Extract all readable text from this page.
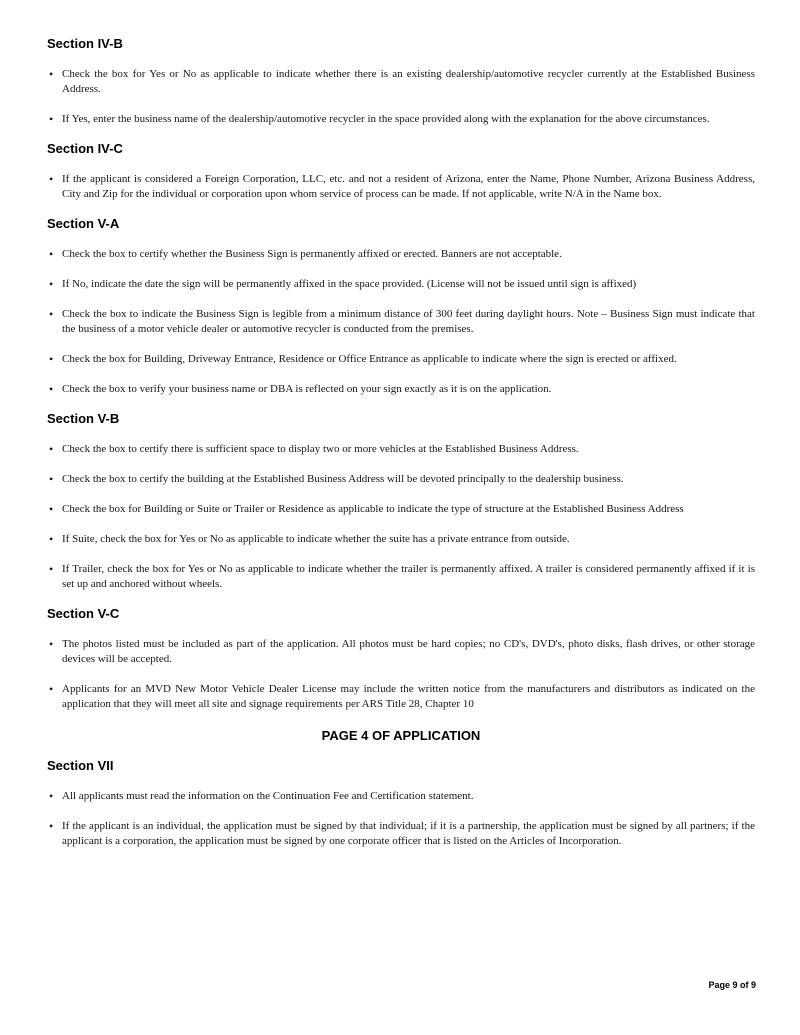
Section IV-B
• Check the box for Yes or No as applicable to indicate whether there is an existing dealership/automotive recycler currently at the Established Business Address.
• If Yes, enter the business name of the dealership/automotive recycler in the space provided along with the explanation for the above circumstances.
Section IV-C
• If the applicant is considered a Foreign Corporation, LLC, etc. and not a resident of Arizona, enter the Name, Phone Number, Arizona Business Address, City and Zip for the individual or corporation upon whom service of process can be made. If not applicable, write N/A in the Name box.
Section V-A
• Check the box to certify whether the Business Sign is permanently affixed or erected. Banners are not acceptable.
• If No, indicate the date the sign will be permanently affixed in the space provided. (License will not be issued until sign is affixed)
• Check the box to indicate the Business Sign is legible from a minimum distance of 300 feet during daylight hours. Note – Business Sign must indicate that the business of a motor vehicle dealer or automotive recycler is conducted from the premises.
• Check the box for Building, Driveway Entrance, Residence or Office Entrance as applicable to indicate where the sign is erected or affixed.
• Check the box to verify your business name or DBA is reflected on your sign exactly as it is on the application.
Section V-B
• Check the box to certify there is sufficient space to display two or more vehicles at the Established Business Address.
• Check the box to certify the building at the Established Business Address will be devoted principally to the dealership business.
• Check the box for Building or Suite or Trailer or Residence as applicable to indicate the type of structure at the Established Business Address
• If Suite, check the box for Yes or No as applicable to indicate whether the suite has a private entrance from outside.
• If Trailer, check the box for Yes or No as applicable to indicate whether the trailer is permanently affixed. A trailer is considered permanently affixed if it is set up and anchored without wheels.
Section V-C
• The photos listed must be included as part of the application. All photos must be hard copies; no CD's, DVD's, photo disks, flash drives, or other storage devices will be accepted.
• Applicants for an MVD New Motor Vehicle Dealer License may include the written notice from the manufacturers and distributors as indicated on the application that they will meet all site and signage requirements per ARS Title 28, Chapter 10
PAGE 4 OF APPLICATION
Section VII
• All applicants must read the information on the Continuation Fee and Certification statement.
• If the applicant is an individual, the application must be signed by that individual; if it is a partnership, the application must be signed by all partners; if the applicant is a corporation, the application must be signed by one corporate officer that is listed on the Articles of Incorporation.
Page 9 of 9
